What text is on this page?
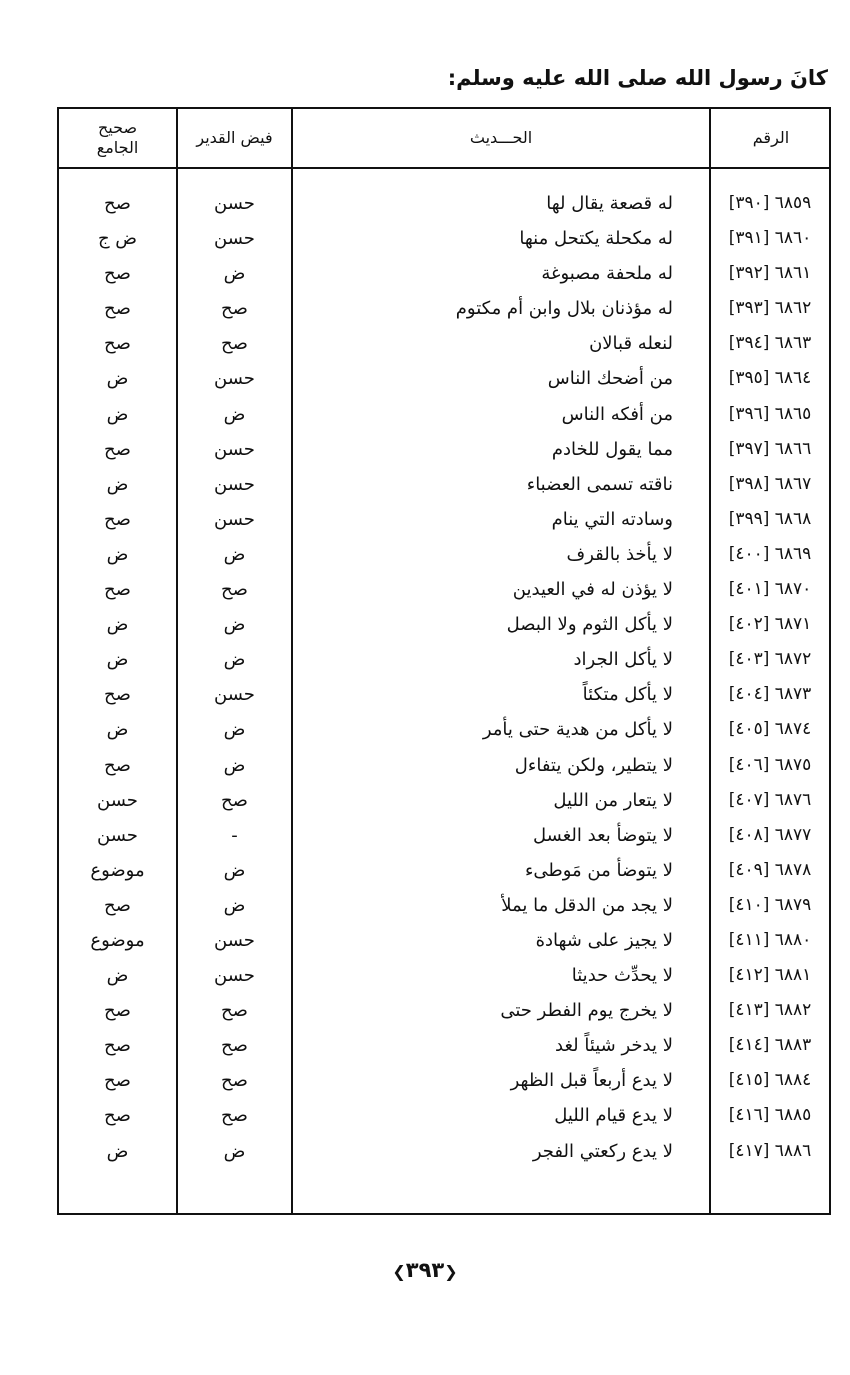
كانَ رسول الله صلى الله عليه وسلم:
الرقم
الحـــديث
فيض القدير
صحيح
الجامع
٦٨٥٩ [٣٩٠]
له قصعة يقال لها
حسن
صح
٦٨٦٠ [٣٩١]
له مكحلة يكتحل منها
حسن
ض ج
٦٨٦١ [٣٩٢]
له ملحفة مصبوغة
ض
صح
٦٨٦٢ [٣٩٣]
له مؤذنان بلال وابن أم مكتوم
صح
صح
٦٨٦٣ [٣٩٤]
لنعله قبالان
صح
صح
٦٨٦٤ [٣٩٥]
من أضحك الناس
حسن
ض
٦٨٦٥ [٣٩٦]
من أفكه الناس
ض
ض
٦٨٦٦ [٣٩٧]
مما يقول للخادم
حسن
صح
٦٨٦٧ [٣٩٨]
ناقته تسمى العضباء
حسن
ض
٦٨٦٨ [٣٩٩]
وسادته التي ينام
حسن
صح
٦٨٦٩ [٤٠٠]
لا يأخذ بالقرف
ض
ض
٦٨٧٠ [٤٠١]
لا يؤذن له في العيدين
صح
صح
٦٨٧١ [٤٠٢]
لا يأكل الثوم ولا البصل
ض
ض
٦٨٧٢ [٤٠٣]
لا يأكل الجراد
ض
ض
٦٨٧٣ [٤٠٤]
لا يأكل متكئاً
حسن
صح
٦٨٧٤ [٤٠٥]
لا يأكل من هدية حتى يأمر
ض
ض
٦٨٧٥ [٤٠٦]
لا يتطير، ولكن يتفاءل
ض
صح
٦٨٧٦ [٤٠٧]
لا يتعار من الليل
صح
حسن
٦٨٧٧ [٤٠٨]
لا يتوضأ بعد الغسل
-
حسن
٦٨٧٨ [٤٠٩]
لا يتوضأ من مَوطىء
ض
موضوع
٦٨٧٩ [٤١٠]
لا يجد من الدقل ما يملأ
ض
صح
٦٨٨٠ [٤١١]
لا يجيز على شهادة
حسن
موضوع
٦٨٨١ [٤١٢]
لا يحدِّث حديثا
حسن
ض
٦٨٨٢ [٤١٣]
لا يخرج يوم الفطر حتى
صح
صح
٦٨٨٣ [٤١٤]
لا يدخر شيئاً لغد
صح
صح
٦٨٨٤ [٤١٥]
لا يدع أربعاً قبل الظهر
صح
صح
٦٨٨٥ [٤١٦]
لا يدع قيام الليل
صح
صح
٦٨٨٦ [٤١٧]
لا يدع ركعتي الفجر
ض
ض
❮٣٩٣❯
